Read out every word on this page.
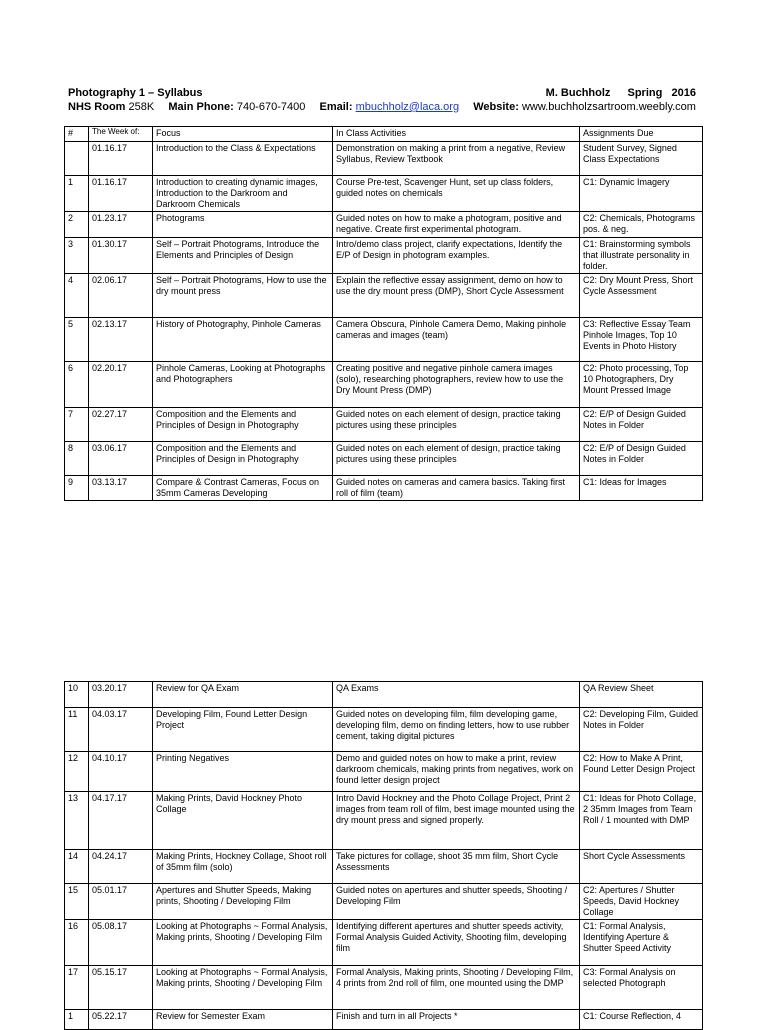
Photography 1 – Syllabus	M. Buchholz Spring 2016
NHS Room 258K Main Phone: 740-670-7400 Email: mbuchholz@laca.org Website: www.buchholzsartroom.weebly.com
#	The Week of:	Focus	In Class Activities	Assignments Due
	01.16.17	Introduction to the Class & Expectations	Demonstration on making a print from a negative, Review Syllabus, Review Textbook	Student Survey, Signed Class Expectations
1	01.16.17	Introduction to creating dynamic images, Introduction to the Darkroom and Darkroom Chemicals	Course Pre-test, Scavenger Hunt, set up class folders, guided notes on chemicals	C1: Dynamic Imagery
2	01.23.17	Photograms	Guided notes on how to make a photogram, positive and negative. Create first experimental photogram.	C2: Chemicals, Photograms pos. & neg.
3	01.30.17	Self – Portrait Photograms, Introduce the Elements and Principles of Design	Intro/demo class project, clarify expectations, Identify the E/P of Design in photogram examples.	C1: Brainstorming symbols that illustrate personality in folder.
4	02.06.17	Self – Portrait Photograms, How to use the dry mount press	Explain the reflective essay assignment, demo on how to use the dry mount press (DMP), Short Cycle Assessment	C2: Dry Mount Press, Short Cycle Assessment
5	02.13.17	History of Photography, Pinhole Cameras	Camera Obscura, Pinhole Camera Demo, Making pinhole cameras and images (team)	C3: Reflective Essay Team Pinhole Images, Top 10 Events in Photo History
6	02.20.17	Pinhole Cameras, Looking at Photographs and Photographers	Creating positive and negative pinhole camera images (solo), researching photographers, review how to use the Dry Mount Press (DMP)	C2: Photo processing, Top 10 Photographers, Dry Mount Pressed Image
7	02.27.17	Composition and the Elements and Principles of Design in Photography	Guided notes on each element of design, practice taking pictures using these principles	C2: E/P of Design Guided Notes in Folder
8	03.06.17	Composition and the Elements and Principles of Design in Photography	Guided notes on each element of design, practice taking pictures using these principles	C2: E/P of Design Guided Notes in Folder
9	03.13.17	Compare & Contrast Cameras, Focus on 35mm Cameras Developing	Guided notes on cameras and camera basics. Taking first roll of film (team)	C1: Ideas for Images
10	03.20.17	Review for QA Exam	QA Exams	QA Review Sheet
11	04.03.17	Developing Film, Found Letter Design Project	Guided notes on developing film, film developing game, developing film, demo on finding letters, how to use rubber cement, taking digital pictures	C2: Developing Film, Guided Notes in Folder
12	04.10.17	Printing Negatives	Demo and guided notes on how to make a print, review darkroom chemicals, making prints from negatives, work on found letter design project	C2: How to Make A Print, Found Letter Design Project
13	04.17.17	Making Prints, David Hockney Photo Collage	Intro David Hockney and the Photo Collage Project, Print 2 images from team roll of film, best image mounted using the dry mount press and signed properly.	C1: Ideas for Photo Collage, 2 35mm Images from Team Roll / 1 mounted with DMP
14	04.24.17	Making Prints, Hockney Collage, Shoot roll of 35mm film (solo)	Take pictures for collage, shoot 35 mm film, Short Cycle Assessments	Short Cycle Assessments
15	05.01.17	Apertures and Shutter Speeds, Making prints, Shooting / Developing Film	Guided notes on apertures and shutter speeds, Shooting / Developing Film	C2: Apertures / Shutter Speeds, David Hockney Collage
16	05.08.17	Looking at Photographs ~ Formal Analysis, Making prints, Shooting / Developing Film	Identifying different apertures and shutter speeds activity, Formal Analysis Guided Activity, Shooting film, developing film	C1: Formal Analysis, Identifying Aperture & Shutter Speed Activity
17	05.15.17	Looking at Photographs ~ Formal Analysis, Making prints, Shooting / Developing Film	Formal Analysis, Making prints, Shooting / Developing Film, 4 prints from 2nd roll of film, one mounted using the DMP	C3: Formal Analysis on selected Photograph
1	05.22.17	Review for Semester Exam	Finish and turn in all Projects *	C1: Course Reflection, 4
